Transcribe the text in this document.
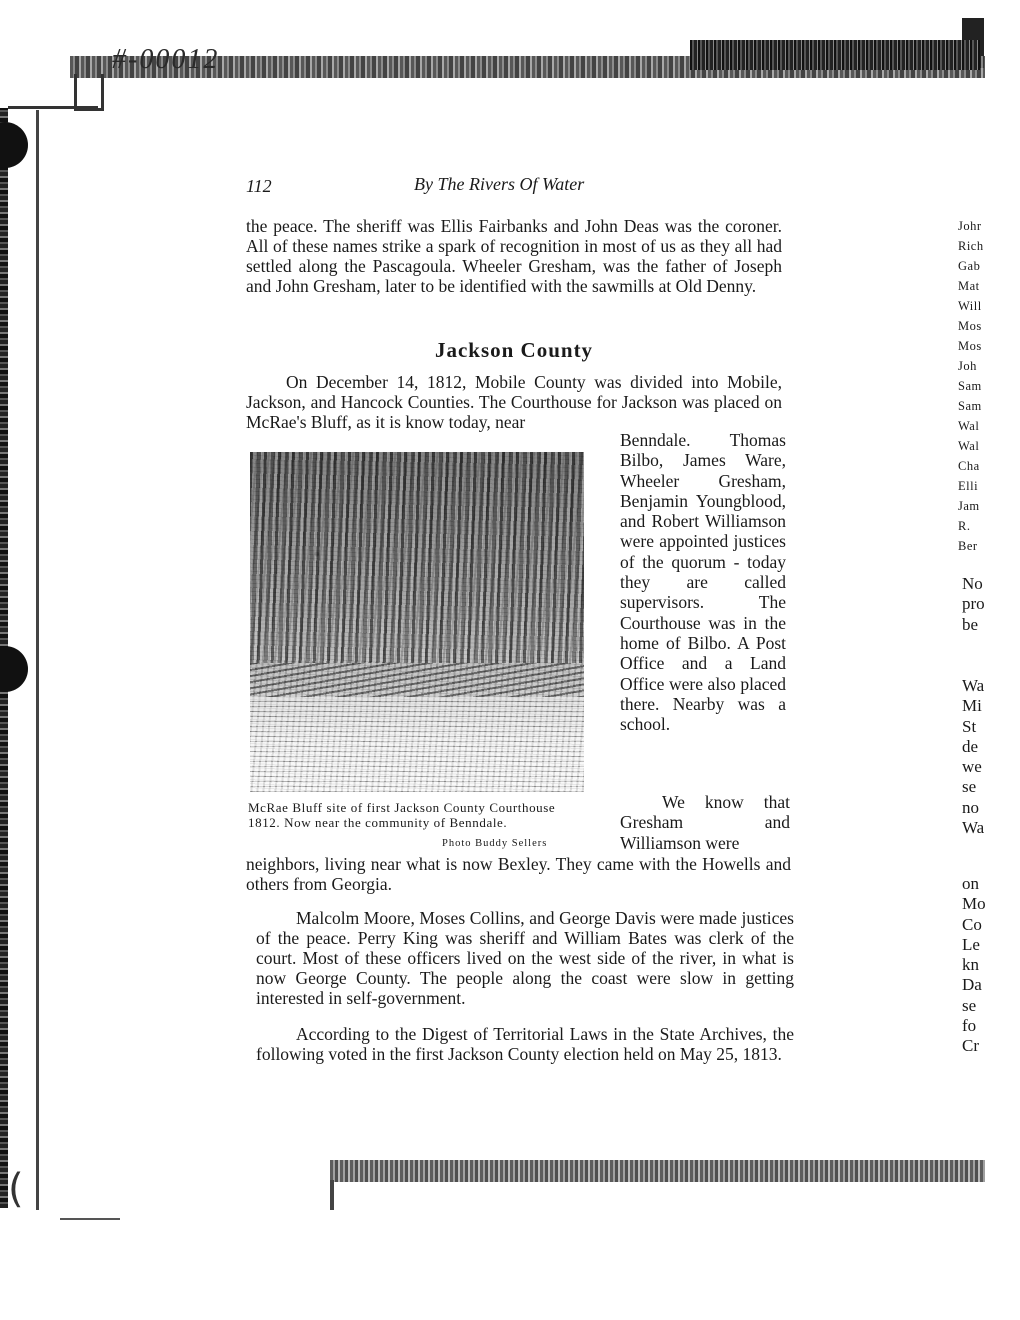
#-00012
(
112	By The Rivers Of Water

the peace. The sheriff was Ellis Fairbanks and John Deas was the coroner. All of these names strike a spark of recognition in most of us as they all had settled along the Pascagoula. Wheeler Gresham, was the father of Joseph and John Gresham, later to be identified with the sawmills at Old Denny.

Jackson County

On December 14, 1812, Mobile County was divided into Mobile, Jackson, and Hancock Counties. The Courthouse for Jackson was placed on McRae's Bluff, as it is know today, near

Benndale. Thomas Bilbo, James Ware, Wheeler Gresham, Benjamin Youngblood, and Robert Williamson were appointed justices of the quorum - today they are called supervisors. The Courthouse was in the home of Bilbo. A Post Office and a Land Office were also placed there. Nearby was a school.

McRae Bluff site of first Jackson County Courthouse 1812. Now near the community of Benndale.

Photo Buddy Sellers

We know that Gresham and Williamson were

neighbors, living near what is now Bexley. They came with the Howells and others from Georgia.

Malcolm Moore, Moses Collins, and George Davis were made justices of the peace. Perry King was sheriff and William Bates was clerk of the court. Most of these officers lived on the west side of the river, in what is now George County. The people along the coast were slow in getting interested in self-government.

According to the Digest of Territorial Laws in the State Archives, the following voted in the first Jackson County election held on May 25, 1813.

Johr
Rich
Gab
Mat
Will
Mos
Mos
Joh
Sam
Sam
Wal
Wal
Cha
Elli
Jam
R.
Ber
No
pro
be
Wa
Mi
St
de
we
se
no
Wa
on
Mo
Co
Le
kn
Da
se
fo
Cr
